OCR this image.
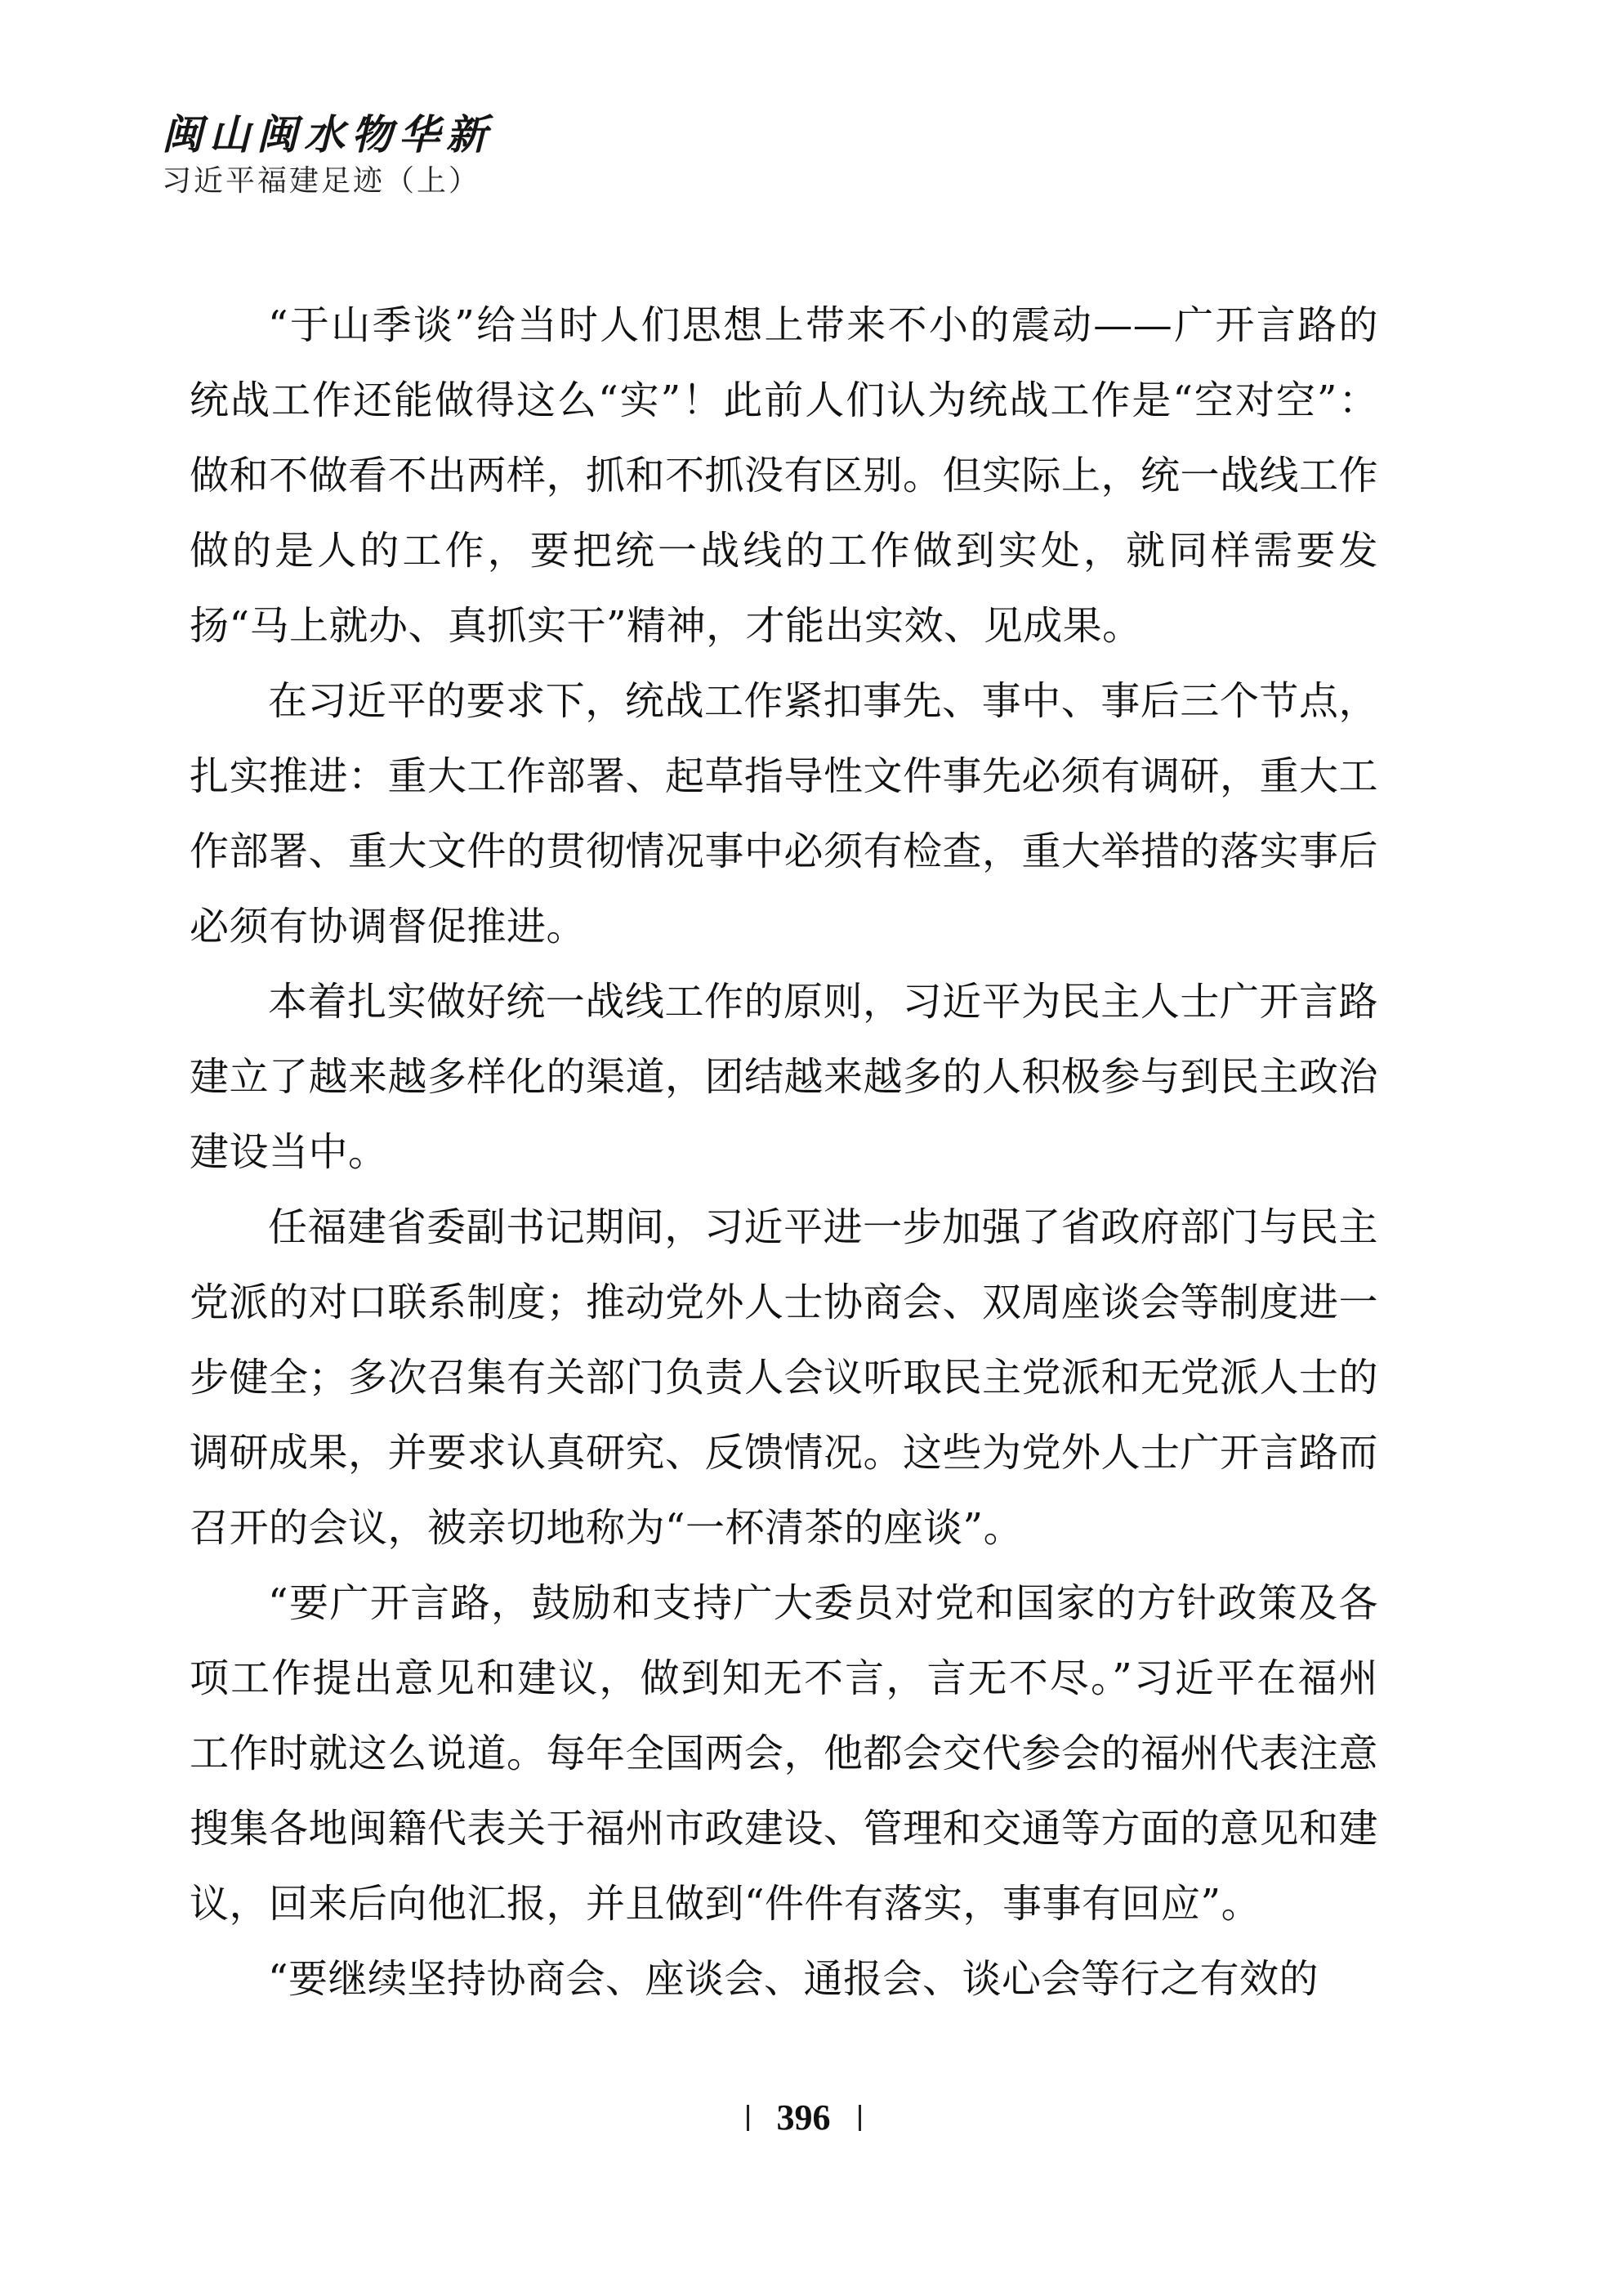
闽山闽水物华新
习近平福建足迹（上）

“于山季谈”给当时人们思想上带来不小的震动——广开言路的统战工作还能做得这么“实”！此前人们认为统战工作是“空对空”：做和不做看不出两样，抓和不抓没有区别。但实际上，统一战线工作做的是人的工作，要把统一战线的工作做到实处，就同样需要发扬“马上就办、真抓实干”精神，才能出实效、见成果。

在习近平的要求下，统战工作紧扣事先、事中、事后三个节点，扎实推进：重大工作部署、起草指导性文件事先必须有调研，重大工作部署、重大文件的贯彻情况事中必须有检查，重大举措的落实事后必须有协调督促推进。

本着扎实做好统一战线工作的原则，习近平为民主人士广开言路建立了越来越多样化的渠道，团结越来越多的人积极参与到民主政治建设当中。

任福建省委副书记期间，习近平进一步加强了省政府部门与民主党派的对口联系制度；推动党外人士协商会、双周座谈会等制度进一步健全；多次召集有关部门负责人会议听取民主党派和无党派人士的调研成果，并要求认真研究、反馈情况。这些为党外人士广开言路而召开的会议，被亲切地称为“一杯清茶的座谈”。

“要广开言路，鼓励和支持广大委员对党和国家的方针政策及各项工作提出意见和建议，做到知无不言，言无不尽。”习近平在福州工作时就这么说道。每年全国两会，他都会交代参会的福州代表注意搜集各地闽籍代表关于福州市政建设、管理和交通等方面的意见和建议，回来后向他汇报，并且做到“件件有落实，事事有回应”。

“要继续坚持协商会、座谈会、通报会、谈心会等行之有效的

396
